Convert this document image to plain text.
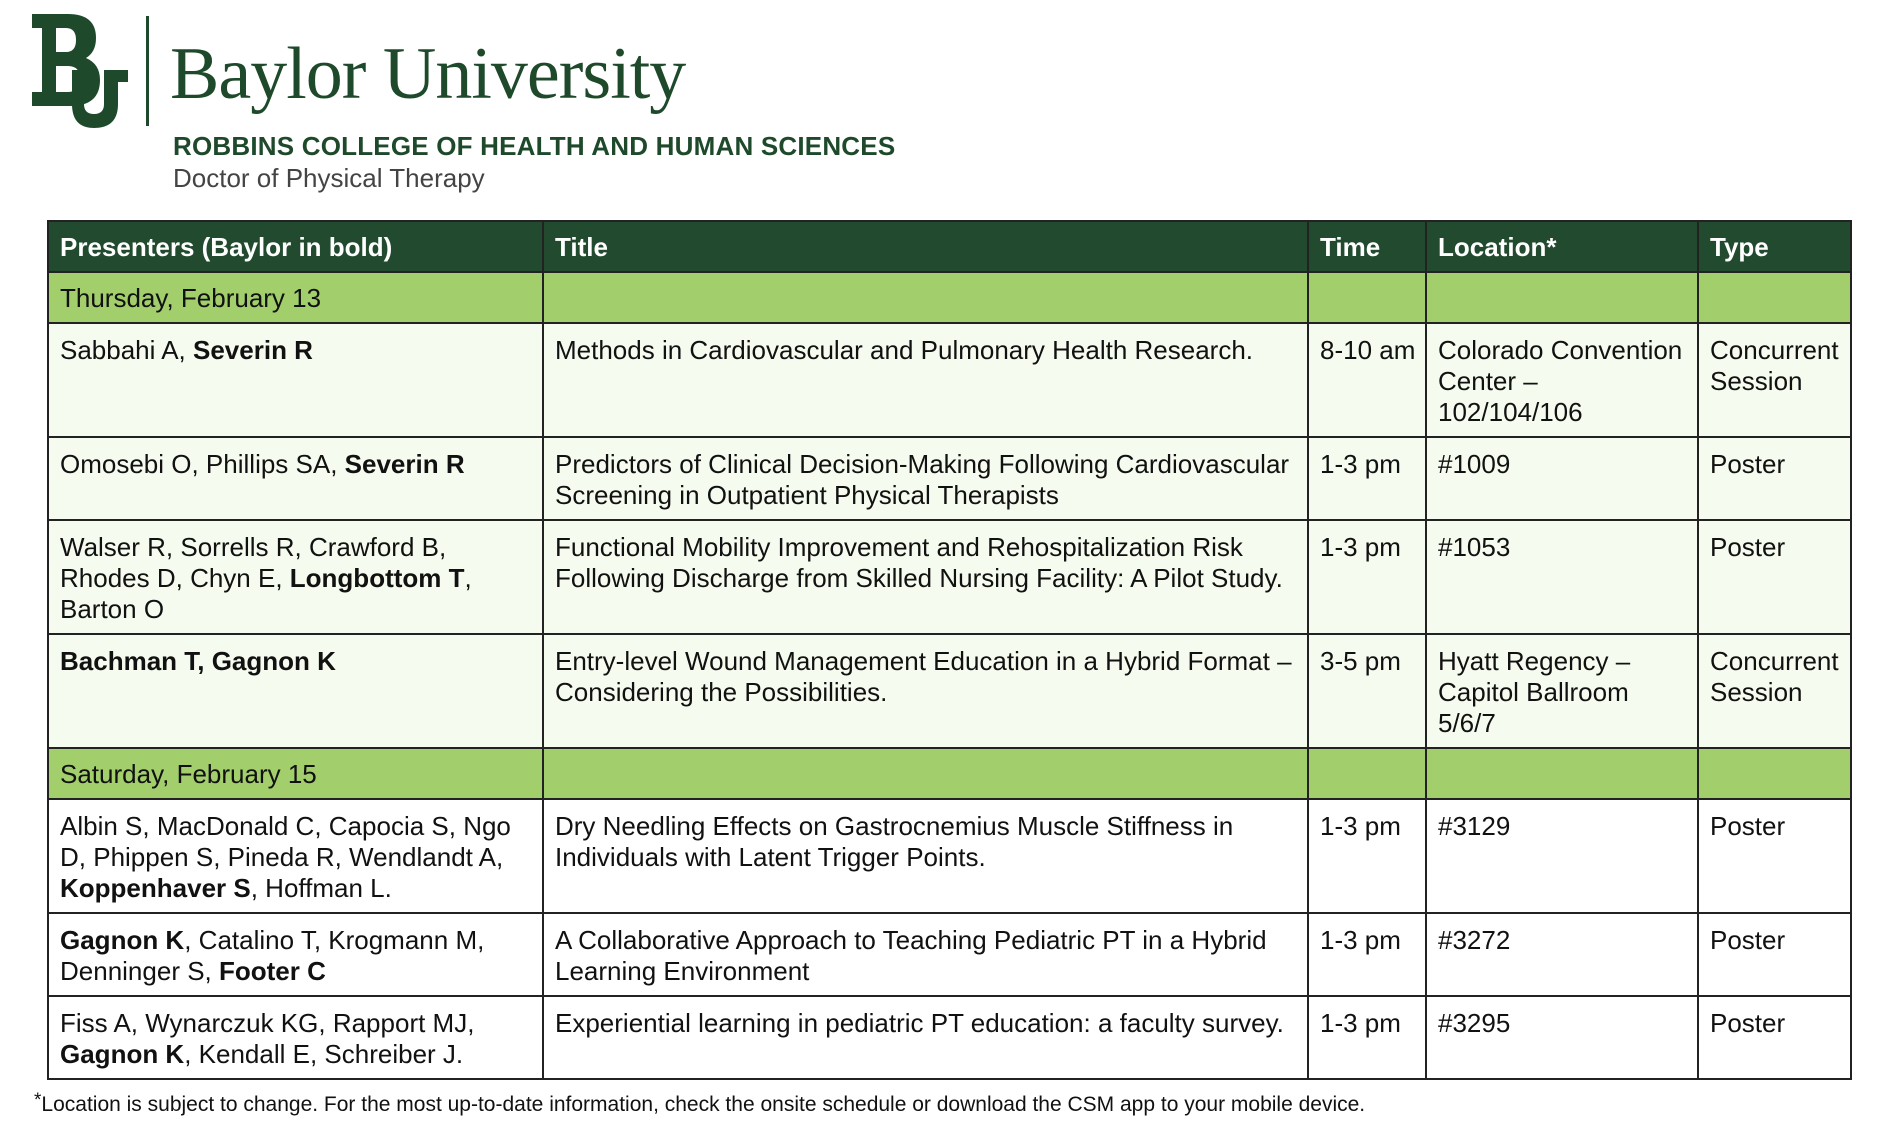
Baylor University
ROBBINS COLLEGE OF HEALTH AND HUMAN SCIENCES
Doctor of Physical Therapy
Presenters (Baylor in bold)	Title	Time	Location*	Type
Thursday, February 13				
Sabbahi A, Severin R	Methods in Cardiovascular and Pulmonary Health Research.	8-10 am	Colorado Convention Center – 102/104/106	Concurrent Session
Omosebi O, Phillips SA, Severin R	Predictors of Clinical Decision-Making Following Cardiovascular Screening in Outpatient Physical Therapists	1-3 pm	#1009	Poster
Walser R, Sorrells R, Crawford B, Rhodes D, Chyn E, Longbottom T, Barton O	Functional Mobility Improvement and Rehospitalization Risk Following Discharge from Skilled Nursing Facility: A Pilot Study.	1-3 pm	#1053	Poster
Bachman T, Gagnon K	Entry-level Wound Management Education in a Hybrid Format – Considering the Possibilities.	3-5 pm	Hyatt Regency – Capitol Ballroom 5/6/7	Concurrent Session
Saturday, February 15				
Albin S, MacDonald C, Capocia S, Ngo D, Phippen S, Pineda R, Wendlandt A, Koppenhaver S, Hoffman L.	Dry Needling Effects on Gastrocnemius Muscle Stiffness in Individuals with Latent Trigger Points.	1-3 pm	#3129	Poster
Gagnon K, Catalino T, Krogmann M, Denninger S, Footer C	A Collaborative Approach to Teaching Pediatric PT in a Hybrid Learning Environment	1-3 pm	#3272	Poster
Fiss A, Wynarczuk KG, Rapport MJ, Gagnon K, Kendall E, Schreiber J.	Experiential learning in pediatric PT education: a faculty survey.	1-3 pm	#3295	Poster
*Location is subject to change. For the most up-to-date information, check the onsite schedule or download the CSM app to your mobile device.
